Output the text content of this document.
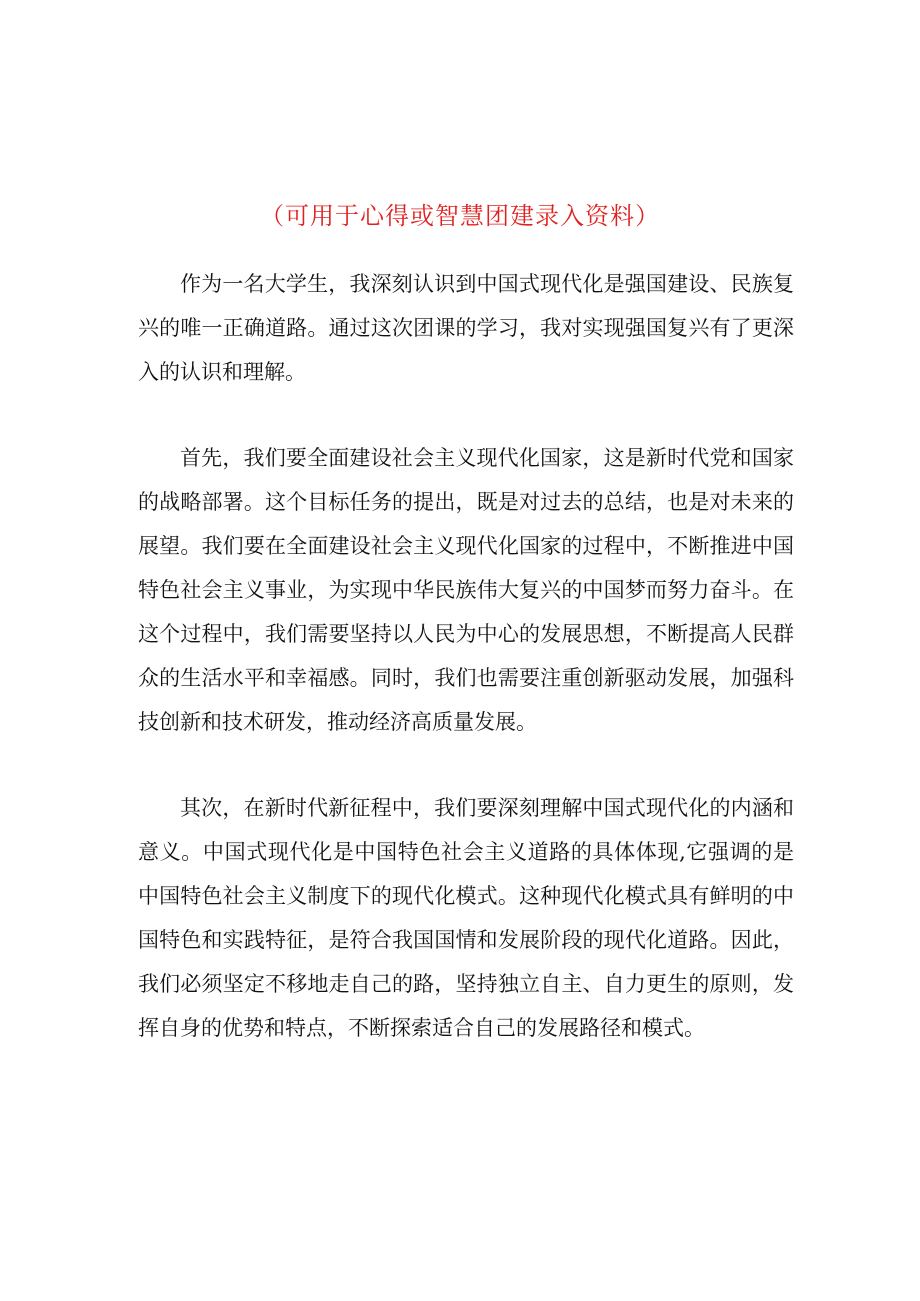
（可用于心得或智慧团建录入资料）

作为一名大学生，我深刻认识到中国式现代化是强国建设、民族复兴的唯一正确道路。通过这次团课的学习，我对实现强国复兴有了更深入的认识和理解。

首先，我们要全面建设社会主义现代化国家，这是新时代党和国家的战略部署。这个目标任务的提出，既是对过去的总结，也是对未来的展望。我们要在全面建设社会主义现代化国家的过程中，不断推进中国特色社会主义事业，为实现中华民族伟大复兴的中国梦而努力奋斗。在这个过程中，我们需要坚持以人民为中心的发展思想，不断提高人民群众的生活水平和幸福感。同时，我们也需要注重创新驱动发展，加强科技创新和技术研发，推动经济高质量发展。

其次，在新时代新征程中，我们要深刻理解中国式现代化的内涵和意义。中国式现代化是中国特色社会主义道路的具体体现,它强调的是中国特色社会主义制度下的现代化模式。这种现代化模式具有鲜明的中国特色和实践特征，是符合我国国情和发展阶段的现代化道路。因此，我们必须坚定不移地走自己的路，坚持独立自主、自力更生的原则，发挥自身的优势和特点，不断探索适合自己的发展路径和模式。
